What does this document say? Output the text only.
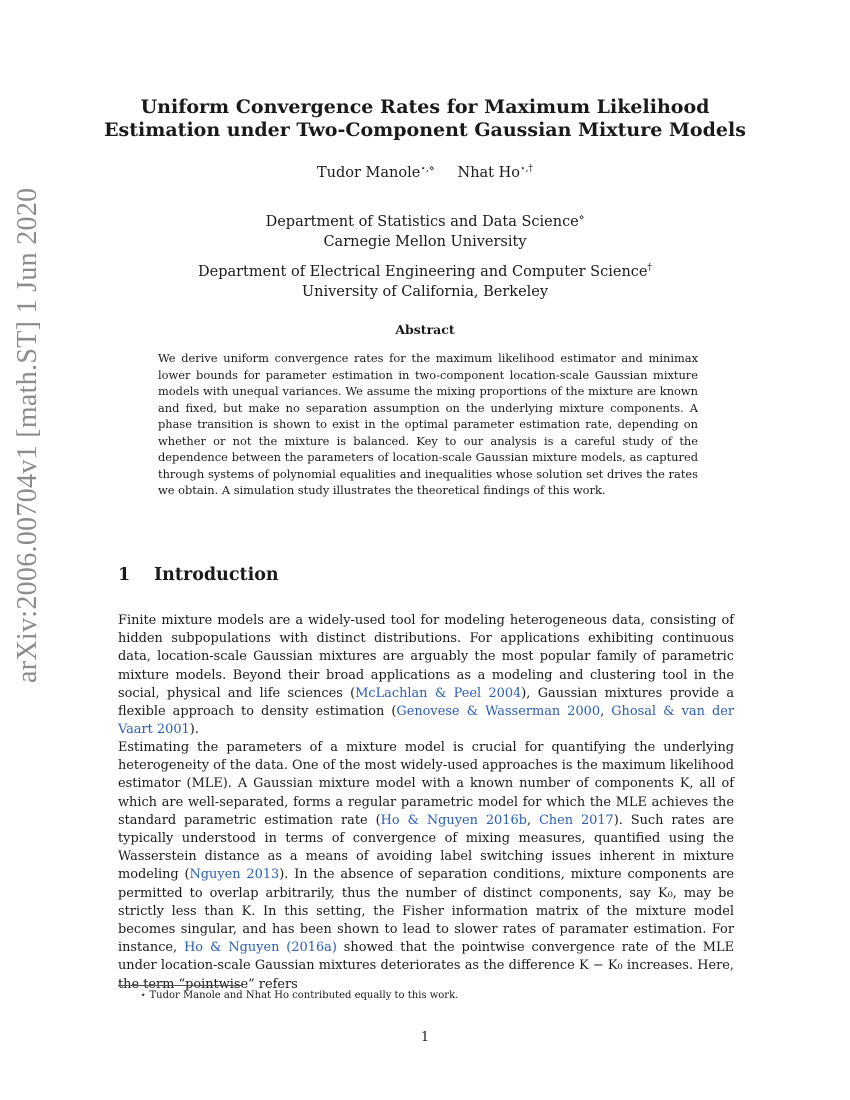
arXiv:2006.00704v1 [math.ST] 1 Jun 2020
Uniform Convergence Rates for Maximum Likelihood
Estimation under Two-Component Gaussian Mixture Models
Tudor Manole⋆,⋄ Nhat Ho⋆,†
Department of Statistics and Data Science⋄
Carnegie Mellon University
Department of Electrical Engineering and Computer Science†
University of California, Berkeley
Abstract
We derive uniform convergence rates for the maximum likelihood estimator and minimax lower bounds for parameter estimation in two-component location-scale Gaussian mixture models with unequal variances. We assume the mixing proportions of the mixture are known and fixed, but make no separation assumption on the underlying mixture components. A phase transition is shown to exist in the optimal parameter estimation rate, depending on whether or not the mixture is balanced. Key to our analysis is a careful study of the dependence between the parameters of location-scale Gaussian mixture models, as captured through systems of polynomial equalities and inequalities whose solution set drives the rates we obtain. A simulation study illustrates the theoretical findings of this work.
1 Introduction
Finite mixture models are a widely-used tool for modeling heterogeneous data, consisting of hidden subpopulations with distinct distributions. For applications exhibiting continuous data, location-scale Gaussian mixtures are arguably the most popular family of parametric mixture models. Beyond their broad applications as a modeling and clustering tool in the social, physical and life sciences (McLachlan & Peel 2004), Gaussian mixtures provide a flexible approach to density estimation (Genovese & Wasserman 2000, Ghosal & van der Vaart 2001).
Estimating the parameters of a mixture model is crucial for quantifying the underlying heterogeneity of the data. One of the most widely-used approaches is the maximum likelihood estimator (MLE). A Gaussian mixture model with a known number of components K, all of which are well-separated, forms a regular parametric model for which the MLE achieves the standard parametric estimation rate (Ho & Nguyen 2016b, Chen 2017). Such rates are typically understood in terms of convergence of mixing measures, quantified using the Wasserstein distance as a means of avoiding label switching issues inherent in mixture modeling (Nguyen 2013). In the absence of separation conditions, mixture components are permitted to overlap arbitrarily, thus the number of distinct components, say K₀, may be strictly less than K. In this setting, the Fisher information matrix of the mixture model becomes singular, and has been shown to lead to slower rates of paramater estimation. For instance, Ho & Nguyen (2016a) showed that the pointwise convergence rate of the MLE under location-scale Gaussian mixtures deteriorates as the difference K − K₀ increases. Here, the term “pointwise” refers
⋆ Tudor Manole and Nhat Ho contributed equally to this work.
1
